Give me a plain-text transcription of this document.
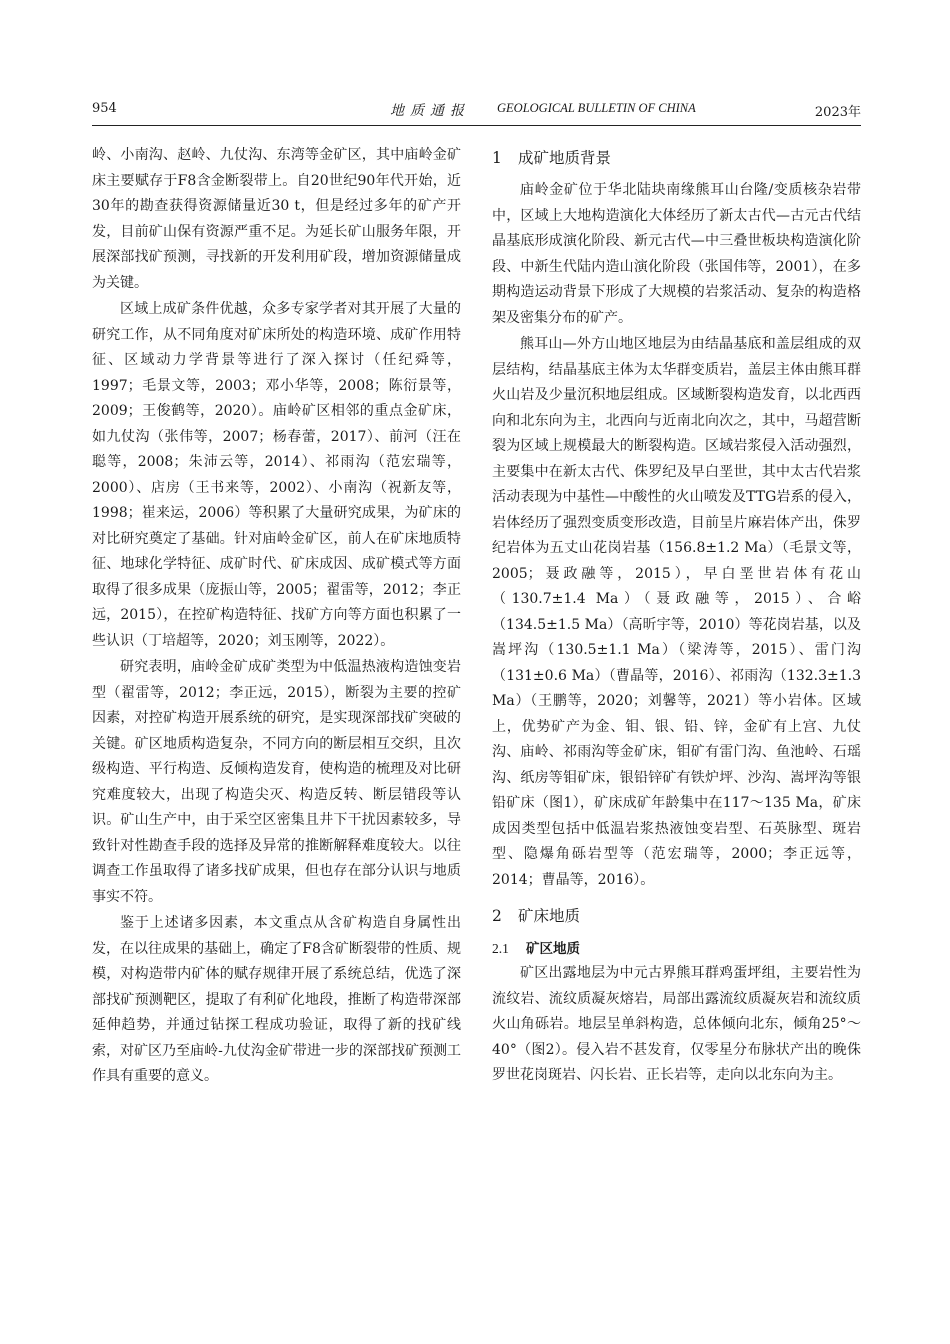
954	地质通报 GEOLOGICAL BULLETIN OF CHINA	2023年

岭、小南沟、赵岭、九仗沟、东湾等金矿区，其中庙岭金矿床主要赋存于F8含金断裂带上。自20世纪90年代开始，近30年的勘查获得资源储量近30 t，但是经过多年的矿产开发，目前矿山保有资源严重不足。为延长矿山服务年限，开展深部找矿预测，寻找新的开发利用矿段，增加资源储量成为关键。

区域上成矿条件优越，众多专家学者对其开展了大量的研究工作，从不同角度对矿床所处的构造环境、成矿作用特征、区域动力学背景等进行了深入探讨（任纪舜等，1997；毛景文等，2003；邓小华等，2008；陈衍景等，2009；王俊鹤等，2020）。庙岭矿区相邻的重点金矿床，如九仗沟（张伟等，2007；杨春蕾，2017）、前河（汪在聪等，2008；朱沛云等，2014）、祁雨沟（范宏瑞等，2000）、店房（王书来等，2002）、小南沟（祝新友等，1998；崔来运，2006）等积累了大量研究成果，为矿床的对比研究奠定了基础。针对庙岭金矿区，前人在矿床地质特征、地球化学特征、成矿时代、矿床成因、成矿模式等方面取得了很多成果（庞振山等，2005；翟雷等，2012；李正远，2015），在控矿构造特征、找矿方向等方面也积累了一些认识（丁培超等，2020；刘玉刚等，2022）。

研究表明，庙岭金矿成矿类型为中低温热液构造蚀变岩型（翟雷等，2012；李正远，2015），断裂为主要的控矿因素，对控矿构造开展系统的研究，是实现深部找矿突破的关键。矿区地质构造复杂，不同方向的断层相互交织，且次级构造、平行构造、反倾构造发育，使构造的梳理及对比研究难度较大，出现了构造尖灭、构造反转、断层错段等认识。矿山生产中，由于采空区密集且井下干扰因素较多，导致针对性勘查手段的选择及异常的推断解释难度较大。以往调查工作虽取得了诸多找矿成果，但也存在部分认识与地质事实不符。

鉴于上述诸多因素，本文重点从含矿构造自身属性出发，在以往成果的基础上，确定了F8含矿断裂带的性质、规模，对构造带内矿体的赋存规律开展了系统总结，优选了深部找矿预测靶区，提取了有利矿化地段，推断了构造带深部延伸趋势，并通过钻探工程成功验证，取得了新的找矿线索，对矿区乃至庙岭-九仗沟金矿带进一步的深部找矿预测工作具有重要的意义。

1 成矿地质背景

庙岭金矿位于华北陆块南缘熊耳山台隆/变质核杂岩带中，区域上大地构造演化大体经历了新太古代—古元古代结晶基底形成演化阶段、新元古代—中三叠世板块构造演化阶段、中新生代陆内造山演化阶段（张国伟等，2001），在多期构造运动背景下形成了大规模的岩浆活动、复杂的构造格架及密集分布的矿产。

熊耳山—外方山地区地层为由结晶基底和盖层组成的双层结构，结晶基底主体为太华群变质岩，盖层主体由熊耳群火山岩及少量沉积地层组成。区域断裂构造发育，以北西西向和北东向为主，北西向与近南北向次之，其中，马超营断裂为区域上规模最大的断裂构造。区域岩浆侵入活动强烈，主要集中在新太古代、侏罗纪及早白垩世，其中太古代岩浆活动表现为中基性—中酸性的火山喷发及TTG岩系的侵入，岩体经历了强烈变质变形改造，目前呈片麻岩体产出，侏罗纪岩体为五丈山花岗岩基（156.8±1.2 Ma）（毛景文等，2005；聂政融等，2015），早白垩世岩体有花山（130.7±1.4 Ma）（聂政融等，2015）、合峪（134.5±1.5 Ma）（高昕宇等，2010）等花岗岩基，以及嵩坪沟（130.5±1.1 Ma）（梁涛等，2015）、雷门沟（131±0.6 Ma）（曹晶等，2016）、祁雨沟（132.3±1.3 Ma）（王鹏等，2020；刘馨等，2021）等小岩体。区域上，优势矿产为金、钼、银、铅、锌，金矿有上宫、九仗沟、庙岭、祁雨沟等金矿床，钼矿有雷门沟、鱼池岭、石瑶沟、纸房等钼矿床，银铅锌矿有铁炉坪、沙沟、嵩坪沟等银铅矿床（图1），矿床成矿年龄集中在117～135 Ma，矿床成因类型包括中低温岩浆热液蚀变岩型、石英脉型、斑岩型、隐爆角砾岩型等（范宏瑞等，2000；李正远等，2014；曹晶等，2016）。

2 矿床地质
2.1 矿区地质

矿区出露地层为中元古界熊耳群鸡蛋坪组，主要岩性为流纹岩、流纹质凝灰熔岩，局部出露流纹质凝灰岩和流纹质火山角砾岩。地层呈单斜构造，总体倾向北东，倾角25°～40°（图2）。侵入岩不甚发育，仅零星分布脉状产出的晚侏罗世花岗斑岩、闪长岩、正长岩等，走向以北东向为主。
